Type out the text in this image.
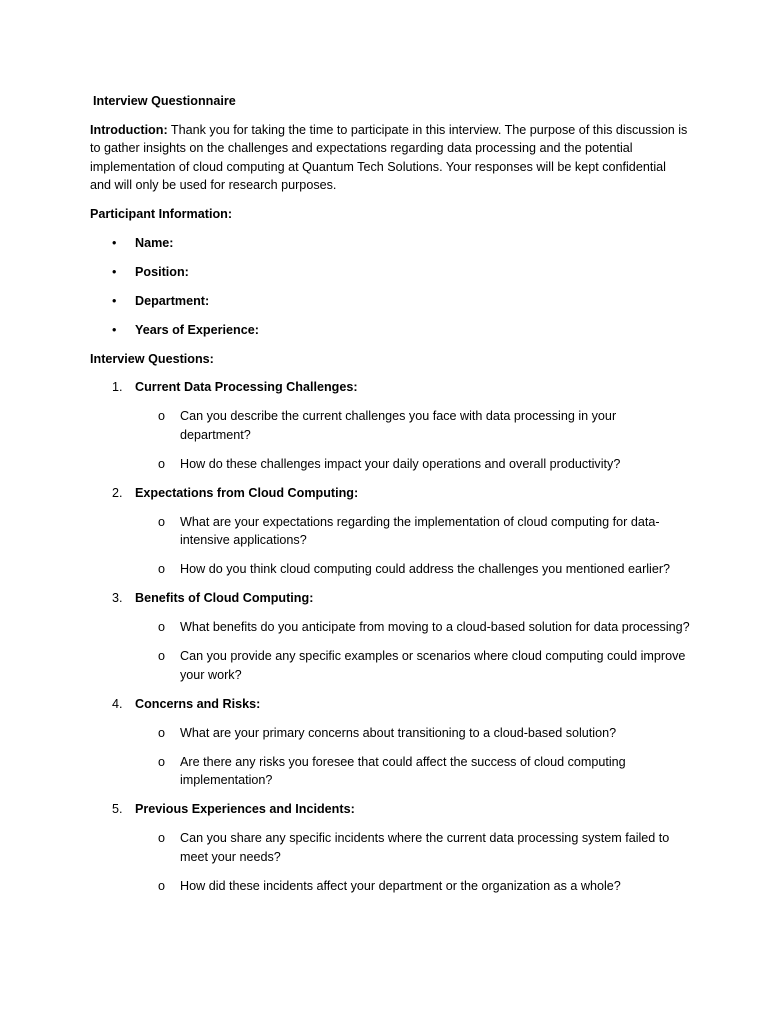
Interview Questionnaire

Introduction: Thank you for taking the time to participate in this interview. The purpose of this discussion is to gather insights on the challenges and expectations regarding data processing and the potential implementation of cloud computing at Quantum Tech Solutions. Your responses will be kept confidential and will only be used for research purposes.

Participant Information:
• Name:
• Position:
• Department:
• Years of Experience:
Interview Questions:
1. Current Data Processing Challenges:
o Can you describe the current challenges you face with data processing in your department?
o How do these challenges impact your daily operations and overall productivity?
2. Expectations from Cloud Computing:
o What are your expectations regarding the implementation of cloud computing for data-intensive applications?
o How do you think cloud computing could address the challenges you mentioned earlier?
3. Benefits of Cloud Computing:
o What benefits do you anticipate from moving to a cloud-based solution for data processing?
o Can you provide any specific examples or scenarios where cloud computing could improve your work?
4. Concerns and Risks:
o What are your primary concerns about transitioning to a cloud-based solution?
o Are there any risks you foresee that could affect the success of cloud computing implementation?
5. Previous Experiences and Incidents:
o Can you share any specific incidents where the current data processing system failed to meet your needs?
o How did these incidents affect your department or the organization as a whole?
